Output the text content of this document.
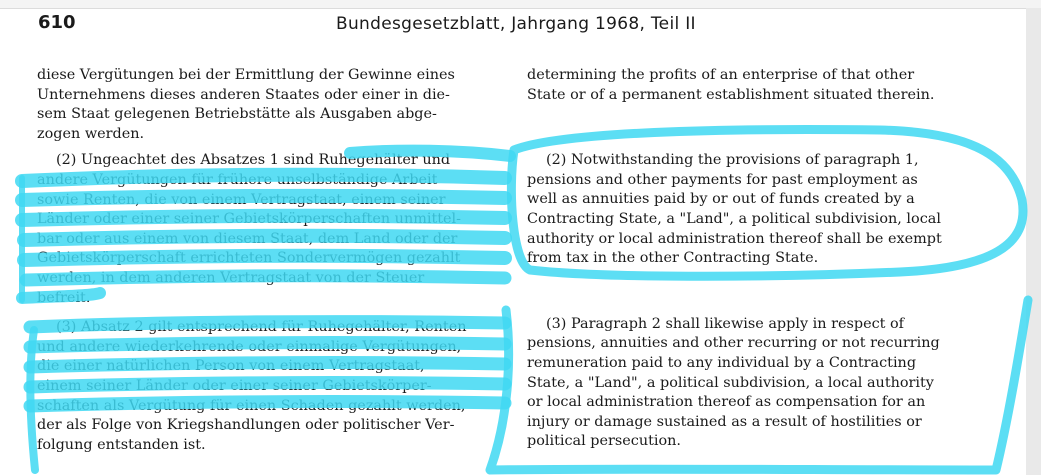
610	Bundesgesetzblatt, Jahrgang 1968, Teil II

diese Vergütungen bei der Ermittlung der Gewinne eines

Unternehmens dieses anderen Staates oder einer in die-

sem Staat gelegenen Betriebstätte als Ausgaben abge-

zogen werden.

(2) Ungeachtet des Absatzes 1 sind Ruhegehälter und

andere Vergütungen für frühere unselbständige Arbeit

sowie Renten, die von einem Vertragstaat, einem seiner

Länder oder einer seiner Gebietskörperschaften unmittel-

bar oder aus einem von diesem Staat, dem Land oder der

Gebietskörperschaft errichteten Sondervermögen gezahlt

werden, in dem anderen Vertragstaat von der Steuer

befreit.

(3) Absatz 2 gilt entsprechend für Ruhegehälter, Renten

und andere wiederkehrende oder einmalige Vergütungen,

die einer natürlichen Person von einem Vertragstaat,

einem seiner Länder oder einer seiner Gebietskörper-

schaften als Vergütung für einen Schaden gezahlt werden,

der als Folge von Kriegshandlungen oder politischer Ver-

folgung entstanden ist.

determining the profits of an enterprise of that other

State or of a permanent establishment situated therein.

(2) Notwithstanding the provisions of paragraph 1,

pensions and other payments for past employment as

well as annuities paid by or out of funds created by a

Contracting State, a "Land", a political subdivision, local

authority or local administration thereof shall be exempt

from tax in the other Contracting State.

(3) Paragraph 2 shall likewise apply in respect of

pensions, annuities and other recurring or not recurring

remuneration paid to any individual by a Contracting

State, a "Land", a political subdivision, a local authority

or local administration thereof as compensation for an

injury or damage sustained as a result of hostilities or

political persecution.
